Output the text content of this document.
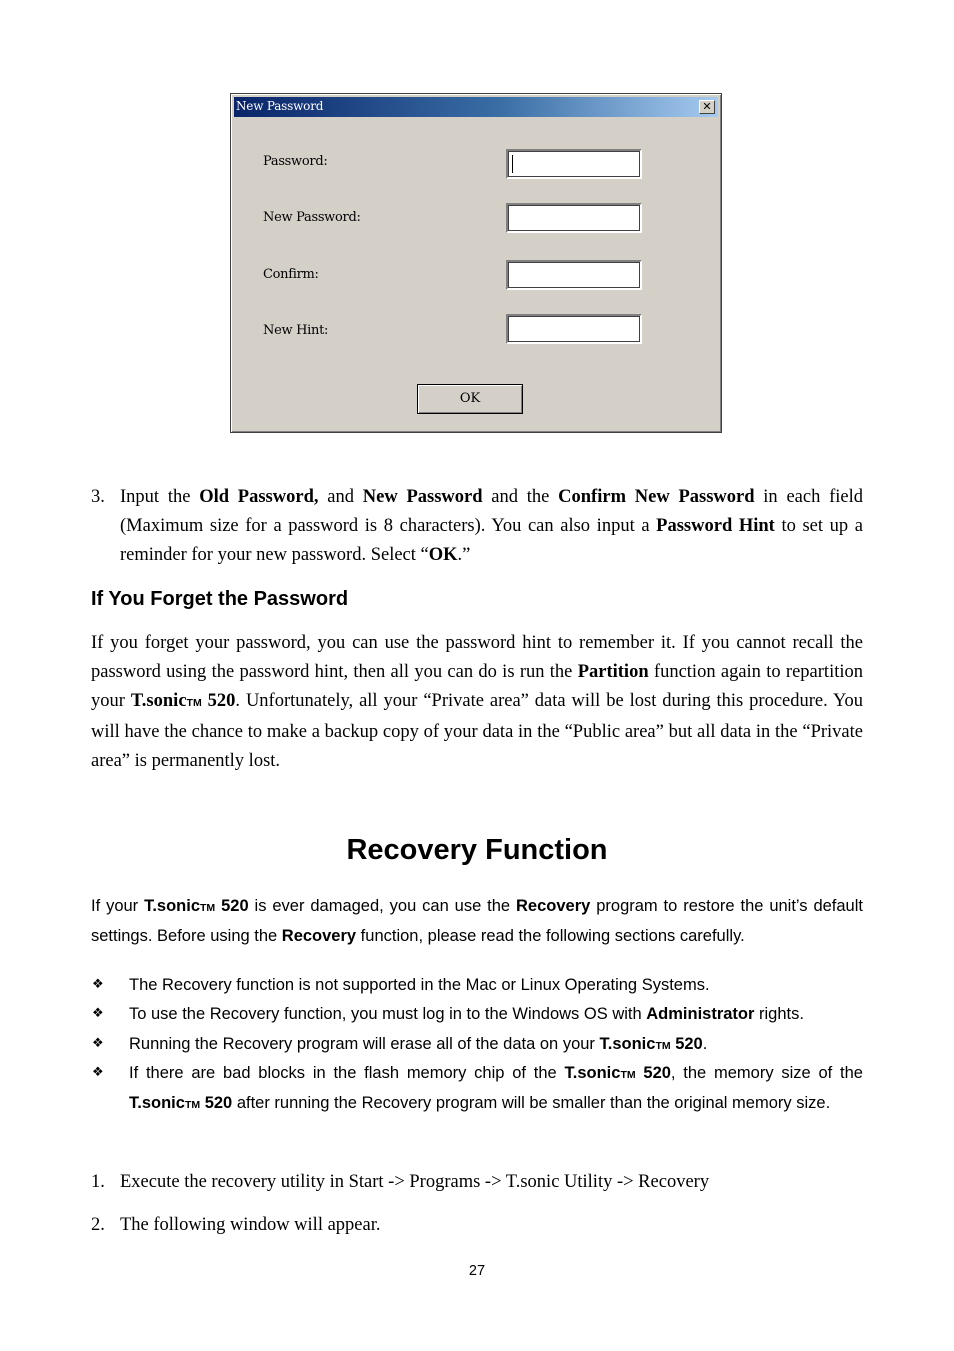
New Password	✕
Password:
New Password:
Confirm:
New Hint:
OK
3. Input the Old Password, and New Password and the Confirm New Password in each field (Maximum size for a password is 8 characters). You can also input a Password Hint to set up a reminder for your new password. Select “OK.”
If You Forget the Password
If you forget your password, you can use the password hint to remember it. If you cannot recall the password using the password hint, then all you can do is run the Partition function again to repartition your T.sonicTM 520. Unfortunately, all your “Private area” data will be lost during this procedure. You will have the chance to make a backup copy of your data in the “Public area” but all data in the “Private area” is permanently lost.
Recovery Function
If your T.sonicTM 520 is ever damaged, you can use the Recovery program to restore the unit’s default settings. Before using the Recovery function, please read the following sections carefully.
❖ The Recovery function is not supported in the Mac or Linux Operating Systems.
❖ To use the Recovery function, you must log in to the Windows OS with Administrator rights.
❖ Running the Recovery program will erase all of the data on your T.sonicTM 520.
❖ If there are bad blocks in the flash memory chip of the T.sonicTM 520, the memory size of the T.sonicTM 520 after running the Recovery program will be smaller than the original memory size.
1. Execute the recovery utility in Start -> Programs -> T.sonic Utility -> Recovery
2. The following window will appear.
27
